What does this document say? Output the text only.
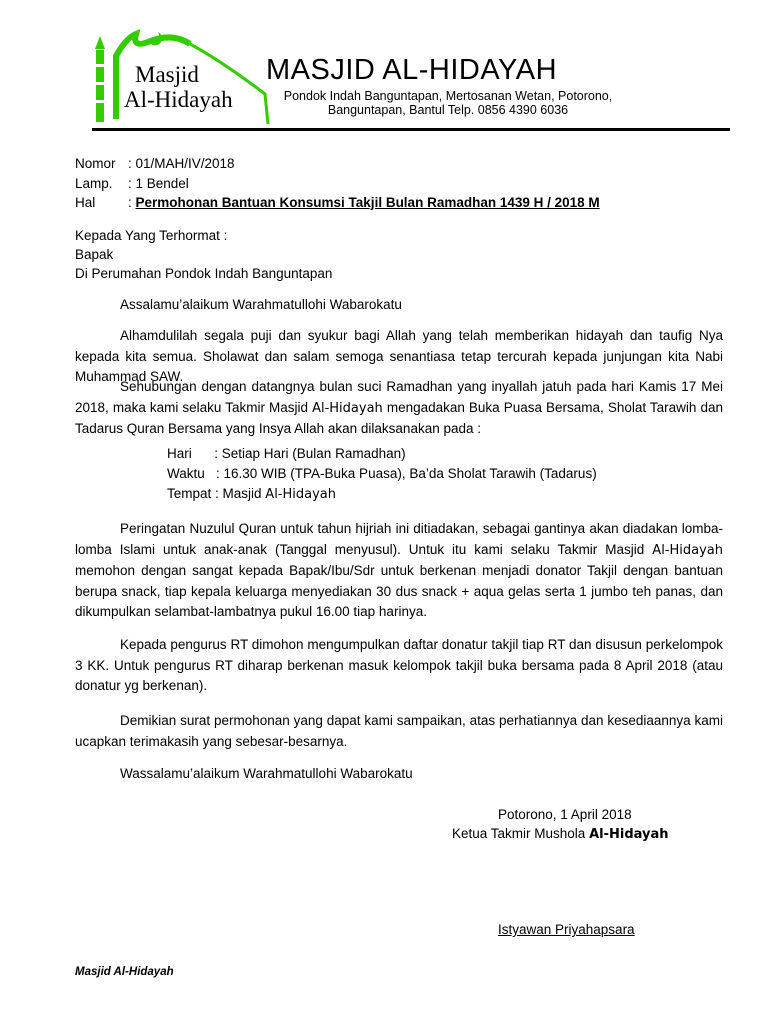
Masjid
Al-Hidayah
MASJID AL-HIDAYAH
Pondok Indah Banguntapan, Mertosanan Wetan, Potorono,
Banguntapan, Bantul Telp. 0856 4390 6036
Nomor : 01/MAH/IV/2018
Lamp. : 1 Bendel
Hal : Permohonan Bantuan Konsumsi Takjil Bulan Ramadhan 1439 H / 2018 M
Kepada Yang Terhormat :
Bapak
Di Perumahan Pondok Indah Banguntapan
Assalamu’alaikum Warahmatullohi Wabarokatu
Alhamdulilah segala puji dan syukur bagi Allah yang telah memberikan hidayah dan taufig Nya kepada kita semua. Sholawat dan salam semoga senantiasa tetap tercurah kepada junjungan kita Nabi Muhammad SAW.
Sehubungan dengan datangnya bulan suci Ramadhan yang inyallah jatuh pada hari Kamis 17 Mei 2018, maka kami selaku Takmir Masjid Al-Hidayah mengadakan Buka Puasa Bersama, Sholat Tarawih dan Tadarus Quran Bersama yang Insya Allah akan dilaksanakan pada :
Hari      : Setiap Hari (Bulan Ramadhan)
Waktu   : 16.30 WIB (TPA-Buka Puasa), Ba’da Sholat Tarawih (Tadarus)
Tempat : Masjid Al-Hidayah
Peringatan Nuzulul Quran untuk tahun hijriah ini ditiadakan, sebagai gantinya akan diadakan lomba-lomba Islami untuk anak-anak (Tanggal menyusul). Untuk itu kami selaku Takmir Masjid Al-Hidayah memohon dengan sangat kepada Bapak/Ibu/Sdr untuk berkenan menjadi donator Takjil dengan bantuan berupa snack, tiap kepala keluarga menyediakan 30 dus snack + aqua gelas serta 1 jumbo teh panas, dan dikumpulkan selambat-lambatnya pukul 16.00 tiap harinya.
Kepada pengurus RT dimohon mengumpulkan daftar donatur takjil tiap RT dan disusun perkelompok 3 KK. Untuk pengurus RT diharap berkenan masuk kelompok takjil buka bersama pada 8 April 2018 (atau donatur yg berkenan).
Demikian surat permohonan yang dapat kami sampaikan, atas perhatiannya dan kesediaannya kami ucapkan terimakasih yang sebesar-besarnya.
Wassalamu’alaikum Warahmatullohi Wabarokatu
Potorono, 1 April 2018
Ketua Takmir Mushola Al-Hidayah
Istyawan Priyahapsara
Masjid Al-Hidayah
